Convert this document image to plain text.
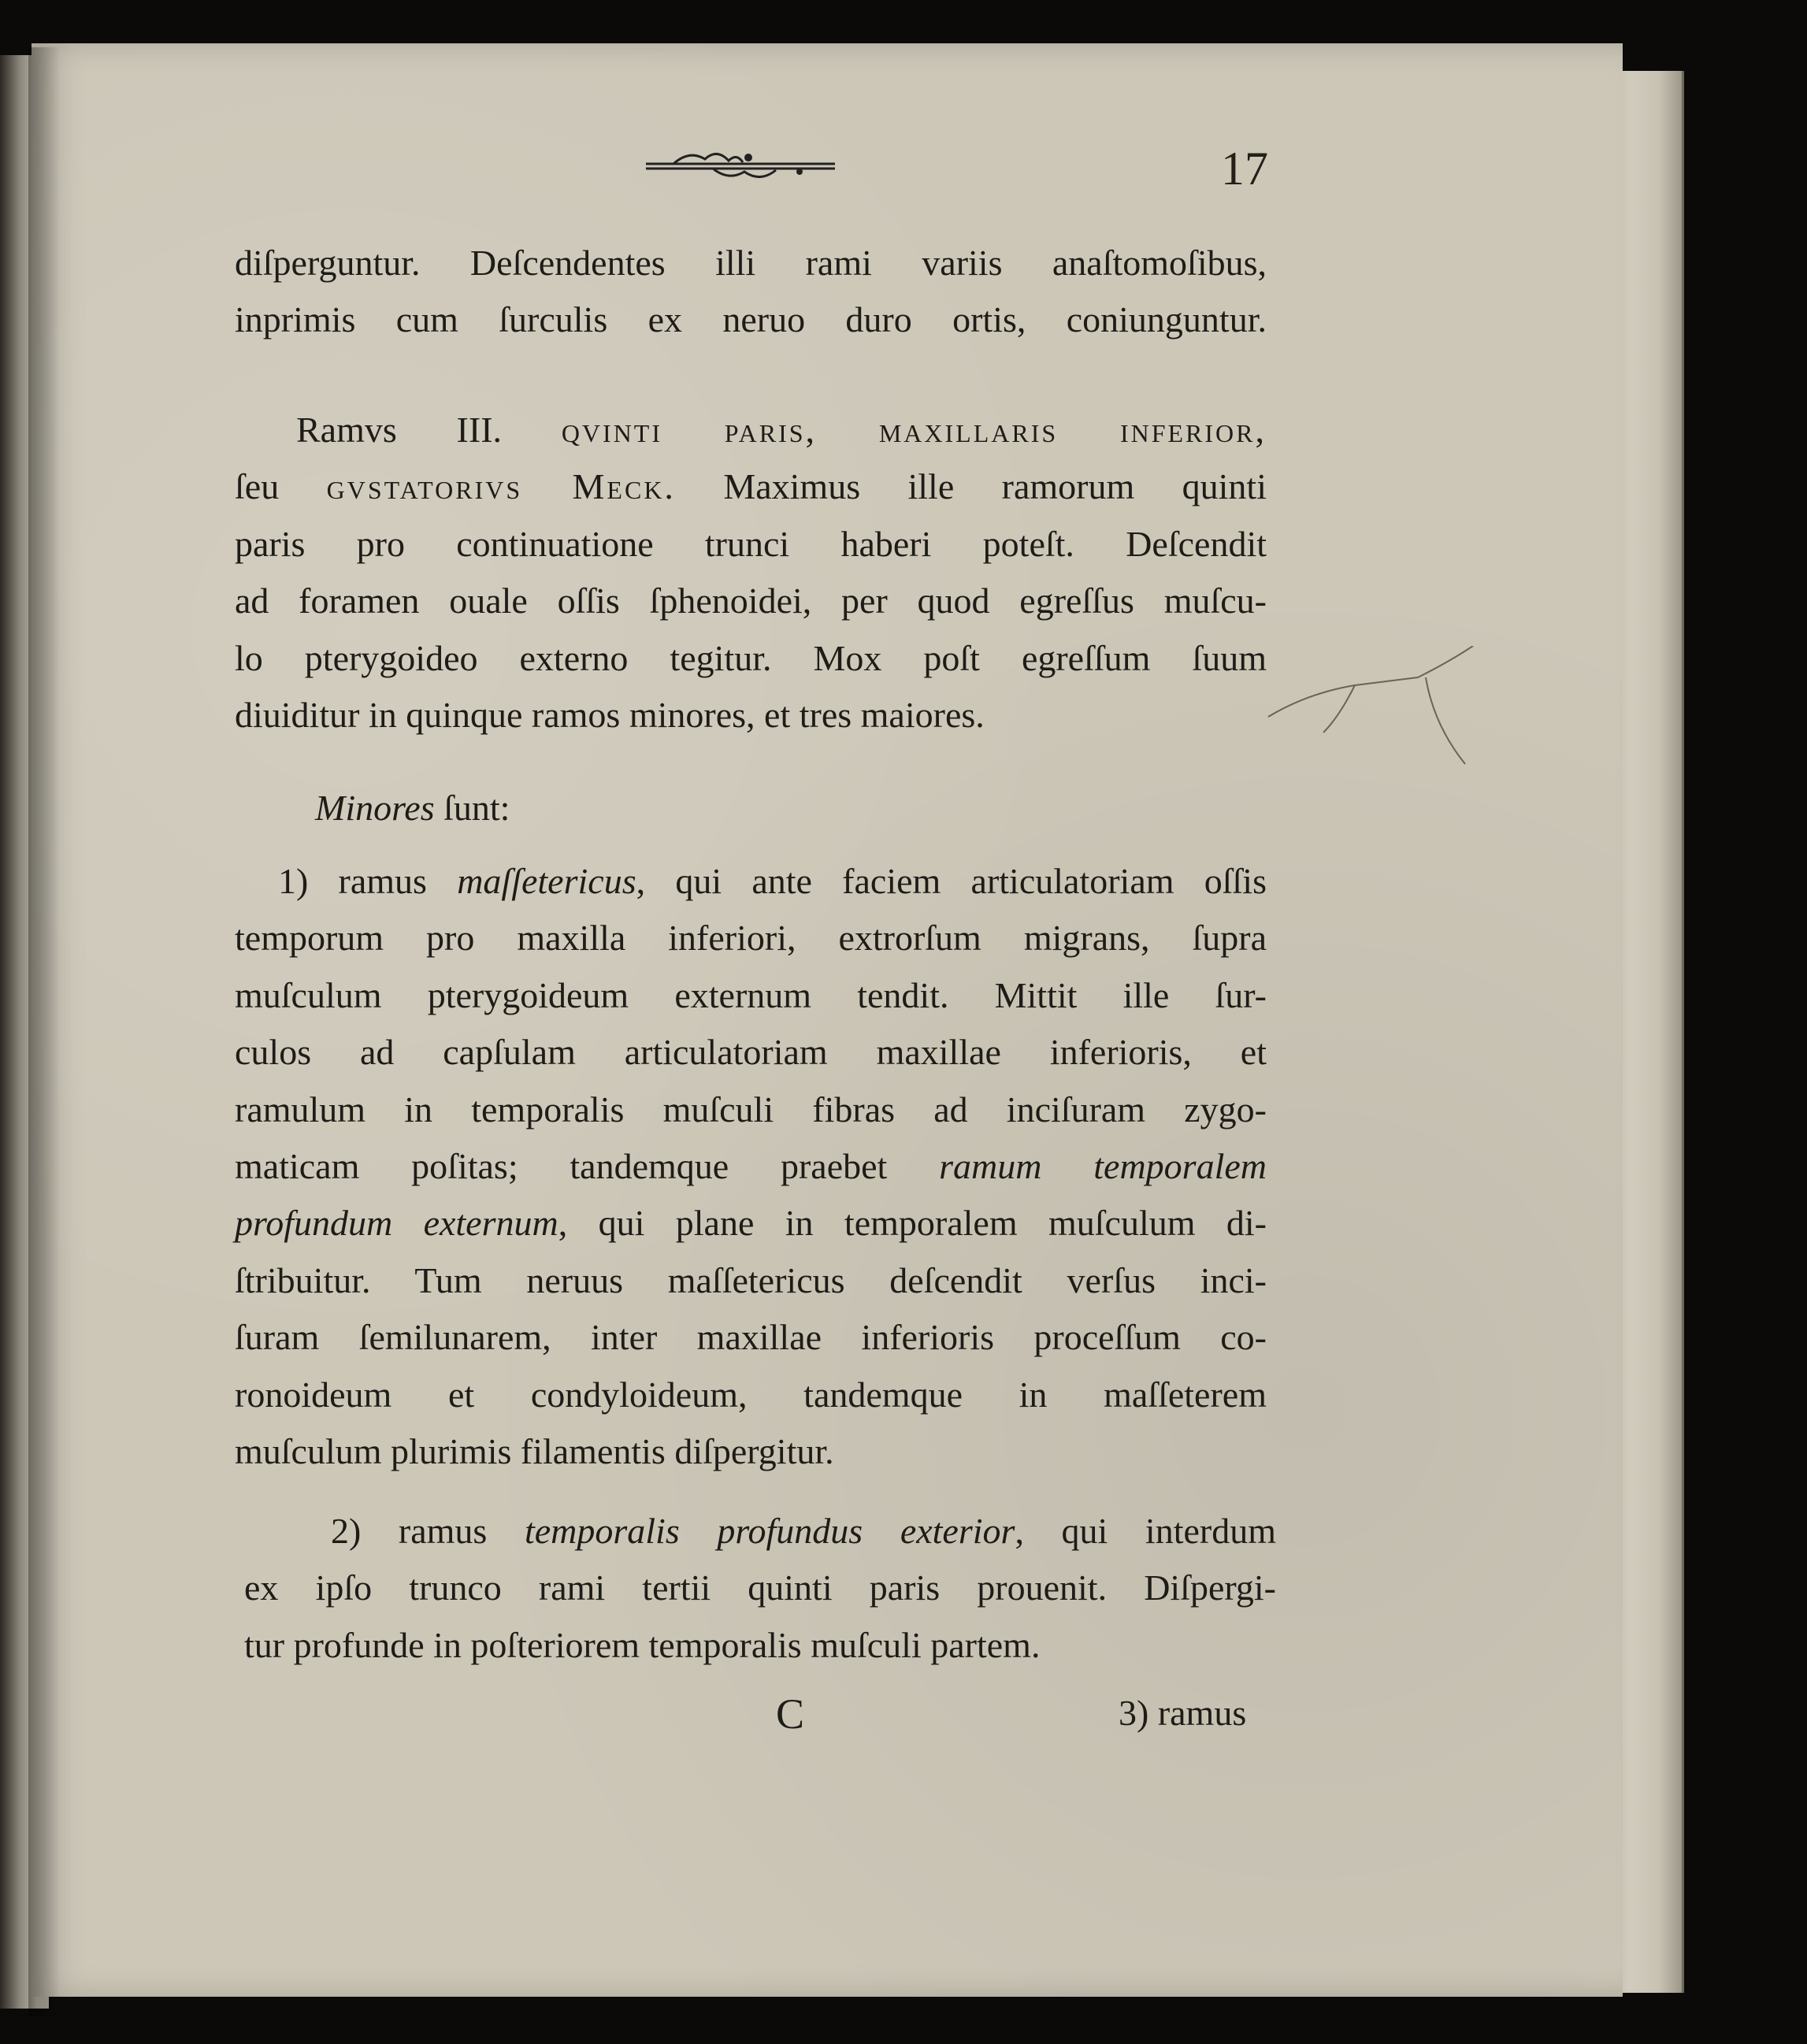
17
diſperguntur. Deſcendentes illi rami variis anaſtomoſibus,
inprimis cum ſurculis ex neruo duro ortis, coniunguntur.
Ramvs III. qvinti paris, maxillaris inferior,
ſeu gvstatorivs Meck. Maximus ille ramorum quinti
paris pro continuatione trunci haberi poteſt. Deſcendit
ad foramen ouale oſſis ſphenoidei, per quod egreſſus muſcu-
lo pterygoideo externo tegitur. Mox poſt egreſſum ſuum
diuiditur in quinque ramos minores, et tres maiores.
Minores ſunt:
1) ramus maſſetericus, qui ante faciem articulatoriam oſſis
temporum pro maxilla inferiori, extrorſum migrans, ſupra
muſculum pterygoideum externum tendit. Mittit ille ſur-
culos ad capſulam articulatoriam maxillae inferioris, et
ramulum in temporalis muſculi fibras ad inciſuram zygo-
maticam poſitas; tandemque praebet ramum temporalem
profundum externum, qui plane in temporalem muſculum di-
ſtribuitur. Tum neruus maſſetericus deſcendit verſus inci-
ſuram ſemilunarem, inter maxillae inferioris proceſſum co-
ronoideum et condyloideum, tandemque in maſſeterem
muſculum plurimis filamentis diſpergitur.
2) ramus temporalis profundus exterior, qui interdum
ex ipſo trunco rami tertii quinti paris prouenit. Diſpergi-
tur profunde in poſteriorem temporalis muſculi partem.
C	3) ramus
